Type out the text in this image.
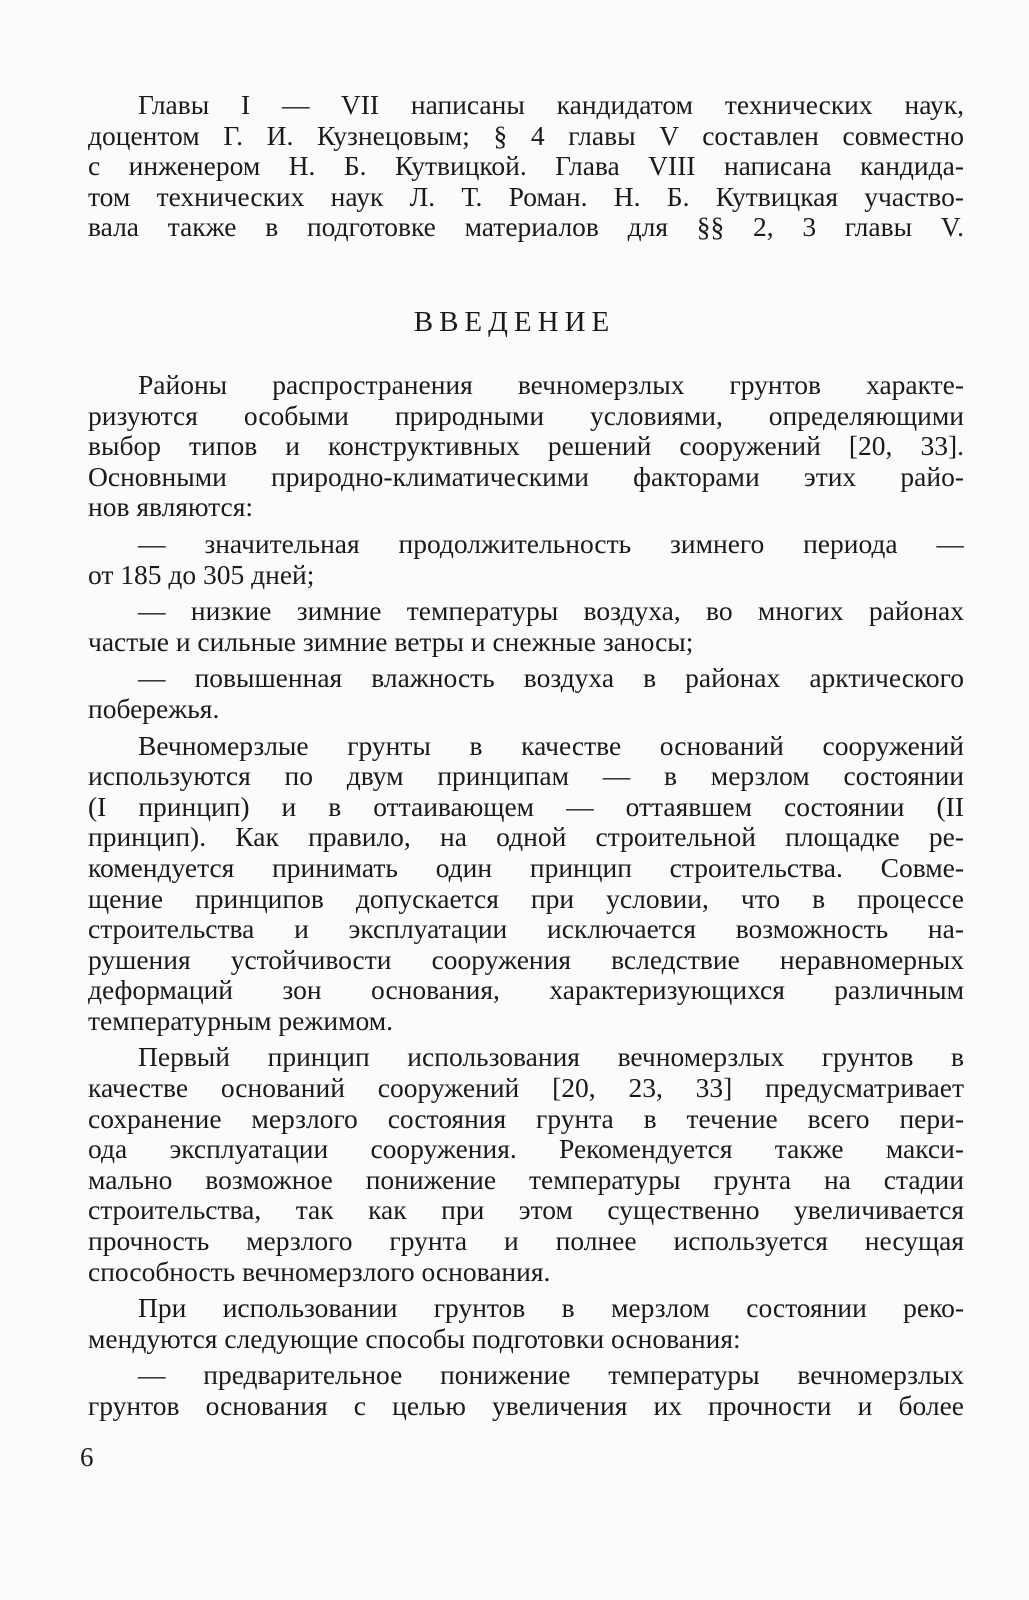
Главы I — VII написаны кандидатом технических наук,
доцентом Г. И. Кузнецовым; § 4 главы V составлен совместно
с инженером Н. Б. Кутвицкой. Глава VIII написана кандида-
том технических наук Л. Т. Роман. Н. Б. Кутвицкая участво-
вала также в подготовке материалов для §§ 2, 3 главы V.
ВВЕДЕНИЕ
Районы распространения вечномерзлых грунтов характе-
ризуются особыми природными условиями, определяющими
выбор типов и конструктивных решений сооружений [20, 33].
Основными природно-климатическими факторами этих райо-
нов являются:
— значительная продолжительность зимнего периода —
от 185 до 305 дней;
— низкие зимние температуры воздуха, во многих районах
частые и сильные зимние ветры и снежные заносы;
— повышенная влажность воздуха в районах арктического
побережья.
Вечномерзлые грунты в качестве оснований сооружений
используются по двум принципам — в мерзлом состоянии
(I принцип) и в оттаивающем — оттаявшем состоянии (II
принцип). Как правило, на одной строительной площадке ре-
комендуется принимать один принцип строительства. Совме-
щение принципов допускается при условии, что в процессе
строительства и эксплуатации исключается возможность на-
рушения устойчивости сооружения вследствие неравномерных
деформаций зон основания, характеризующихся различным
температурным режимом.
Первый принцип использования вечномерзлых грунтов в
качестве оснований сооружений [20, 23, 33] предусматривает
сохранение мерзлого состояния грунта в течение всего пери-
ода эксплуатации сооружения. Рекомендуется также макси-
мально возможное понижение температуры грунта на стадии
строительства, так как при этом существенно увеличивается
прочность мерзлого грунта и полнее используется несущая
способность вечномерзлого основания.
При использовании грунтов в мерзлом состоянии реко-
мендуются следующие способы подготовки основания:
— предварительное понижение температуры вечномерзлых
грунтов основания с целью увеличения их прочности и более
6
